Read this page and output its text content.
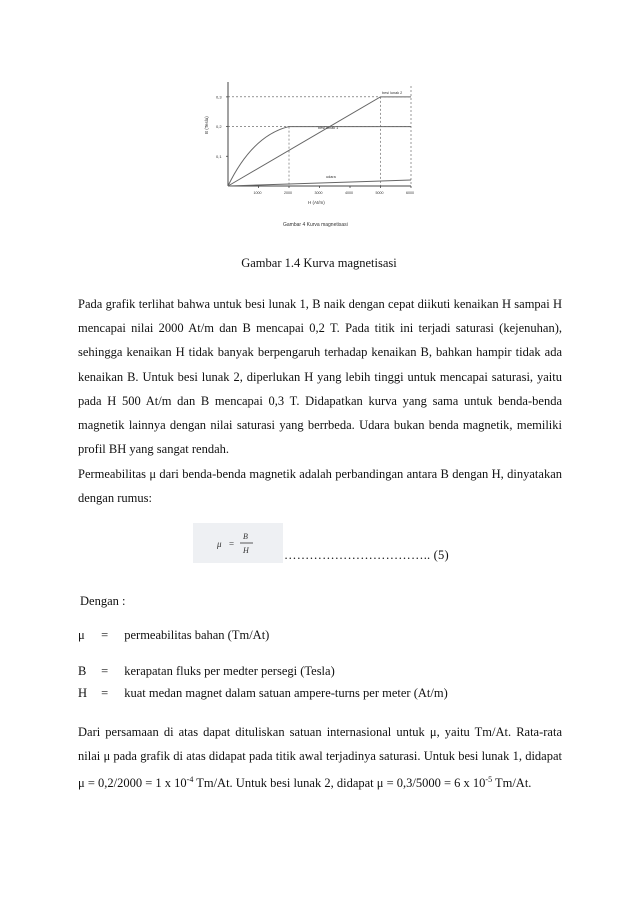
0,3
0,2
0,1
1000	2000	3000	4000	5000	6000
B (Tesla)
H (At/m)
Gambar 4 Kurva magnetisasi
besi lunak 2
besi lunak 1
udara
Gambar 1.4 Kurva magnetisasi
Pada grafik terlihat bahwa untuk besi lunak 1, B naik dengan cepat diikuti kenaikan H sampai H mencapai nilai 2000 At/m dan B mencapai 0,2 T. Pada titik ini terjadi saturasi (kejenuhan), sehingga kenaikan H tidak banyak berpengaruh terhadap kenaikan B, bahkan hampir tidak ada kenaikan B. Untuk besi lunak 2, diperlukan H yang lebih tinggi untuk mencapai saturasi, yaitu pada H 500 At/m dan B mencapai 0,3 T. Didapatkan kurva yang sama untuk benda-benda magnetik lainnya dengan nilai saturasi yang berrbeda. Udara bukan benda magnetik, memiliki profil BH yang sangat rendah.
Permeabilitas μ dari benda-benda magnetik adalah perbandingan antara B dengan H, dinyatakan dengan rumus:
μ =
B
H	…………………………….. (5)
Dengan :
μ = permeabilitas bahan (Tm/At)
B = kerapatan fluks per medter persegi (Tesla)
H = kuat medan magnet dalam satuan ampere-turns per meter (At/m)
Dari persamaan di atas dapat dituliskan satuan internasional untuk μ, yaitu Tm/At. Rata-rata nilai μ pada grafik di atas didapat pada titik awal terjadinya saturasi. Untuk besi lunak 1, didapat μ = 0,2/2000 = 1 x $10^{-4}$ Tm/At. Untuk besi lunak 2, didapat μ = 0,3/5000 = 6 x $10^{-5}$ Tm/At.
